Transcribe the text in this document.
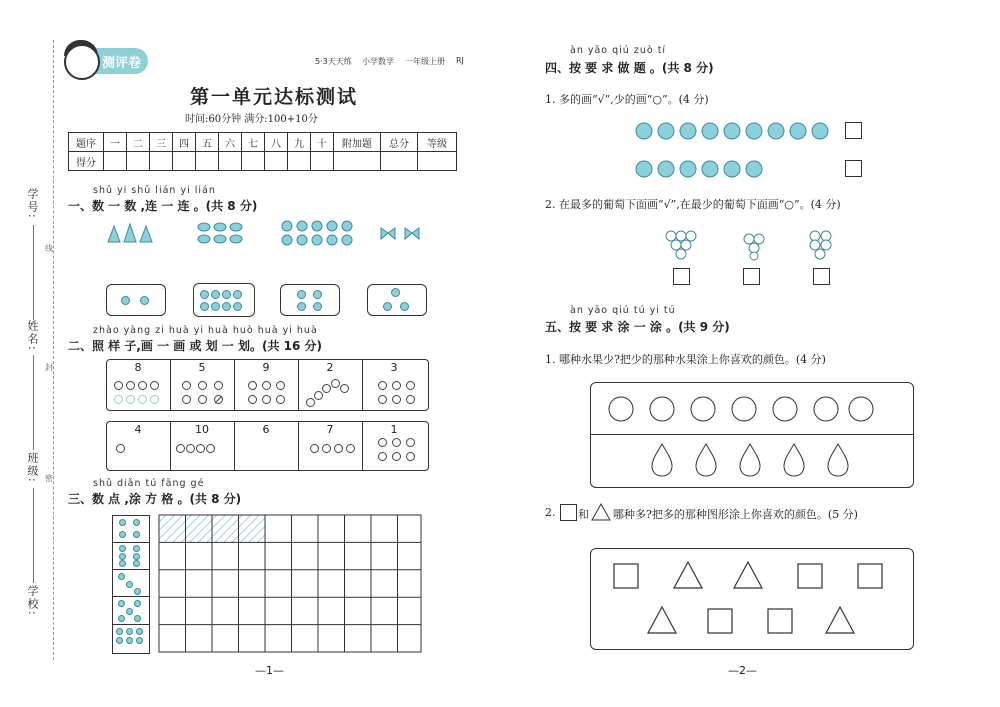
学号:
姓名:
班级:
学校:
线
封
密
测评卷	5·3天天练 小学数学 一年级上册 RJ
第一单元达标测试
时间:60分钟 满分:100+10分
题序	一	二	三	四	五	六	七	八	九	十	附加题	总分	等级
得分													
shǔ yi shǔ lián yi lián
一、数 一 数 ,连 一 连 。(共 8 分)
zhào yàng zi huà yi huà huò huà yi huà
二、照 样 子,画 一 画 或 划 一 划。(共 16 分)
8	5	9	2	3
4	10	6	7	1
shǔ diǎn tú fāng gé
三、数 点 ,涂 方 格 。(共 8 分)
—1—
àn yāo qiú zuò tí
四、按 要 求 做 题 。(共 8 分)
1. 多的画“√”,少的画“○”。(4 分)
2. 在最多的葡萄下面画“√”,在最少的葡萄下面画“○”。(4 分)
àn yāo qiú tú yi tú
五、按 要 求 涂 一 涂 。(共 9 分)
1. 哪种水果少?把少的那种水果涂上你喜欢的颜色。(4 分)
2. 和 哪种多?把多的那种图形涂上你喜欢的颜色。(5 分)
—2—
